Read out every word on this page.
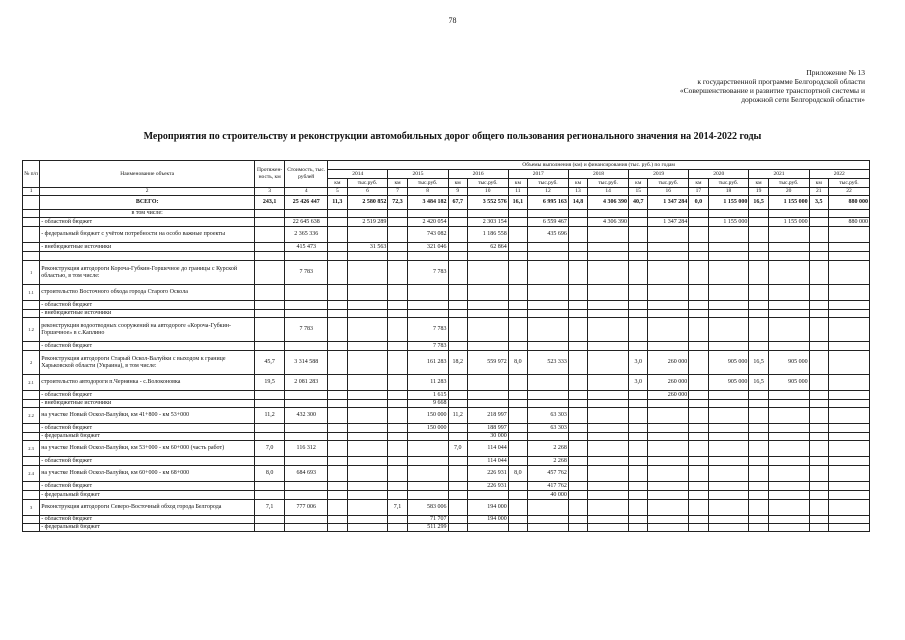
78
Приложение № 13
к государственной программе Белгородской области
«Совершенствование и развитие транспортной системы и
дорожной сети Белгородской области»
Мероприятия по строительству и реконструкции автомобильных дорог общего пользования регионального значения на 2014-2022 годы
№ п/п	Наименование объекта	Протяжен-ность, км	Стоимость, тыс. рублей	Объемы выполнения (км) и финансирования (тыс. руб.) по годам																	
				2014		2015		2016		2017		2018		2019		2020		2021		2022	
				км	тыс.руб.	км	тыс.руб.	км	тыс.руб.	км	тыс.руб.	км	тыс.руб.	км	тыс.руб.	км	тыс.руб.	км	тыс.руб.	км	тыс.руб.
1	2	3	4	5	6	7	8	9	10	11	12	13	14	15	16	17	18	19	20	21	22
	ВСЕГО:	243,1	25 426 447	11,3	2 580 852	72,3	3 484 182	67,7	3 552 576	16,1	6 995 163	14,8	4 306 390	40,7	1 347 284	0,0	1 155 000	16,5	1 155 000	3,5	880 000
	в том числе:																				
	- областной бюджет		22 645 638		2 519 289		2 420 054		2 303 154		6 559 467		4 306 390		1 347 284		1 155 000		1 155 000		880 000
	- федеральный бюджет с учётом потребности на особо важные проекты		2 365 336				743 082		1 186 558		435 696										
	- внебюджетные источники		415 473		31 563		321 046		62 864												

1	Реконструкция автодороги Короча-Губкин-Горшечное до границы с Курской областью, в том числе:		7 783				7 783														
1.1	строительство Восточного обхода города Старого Оскола																				
	- областной бюджет																				
	- внебюджетные источники																				
1.2	реконструкция водоотводных сооружений на автодороге «Короча-Губкин-Горшечное» в с.Каплино		7 783				7 783														
	- областной бюджет						7 783														
2	Реконструкция автодороги Старый Оскол-Валуйки с выходом к границе Харьковской области (Украина), в том числе:	45,7	3 314 588				161 283	18,2	559 972	8,0	523 333			3,0	260 000		905 000	16,5	905 000		
2.1	строительство автодороги п.Чернянка - с.Волоконовка	19,5	2 081 283				11 283							3,0	260 000		905 000	16,5	905 000		
	- областной бюджет						1 615								260 000						
	- внебюджетные источники						9 668														
2.2	на участке Новый Оскол-Валуйки, км 41+800 - км 53+000	11,2	432 300				150 000	11,2	218 997		63 303										
	- областной бюджет						150 000		188 997		63 303										
	- федеральный бюджет								30 000												
2.3	на участке Новый Оскол-Валуйки, км 53+000 - км 60+000 (часть работ)	7,0	116 312					7,0	114 044		2 268										
	- областной бюджет								114 044		2 268										
2.4	на участке Новый Оскол-Валуйки, км 60+000 - км 68+000	8,0	684 693						226 931	8,0	457 762										
	- областной бюджет								226 931		417 762										
	- федеральный бюджет										40 000										
3	Реконструкция автодороги Северо-Восточный обход города Белгорода	7,1	777 006			7,1	583 006		194 000												
	- областной бюджет						71 707		194 000												
	- федеральный бюджет						511 299														
